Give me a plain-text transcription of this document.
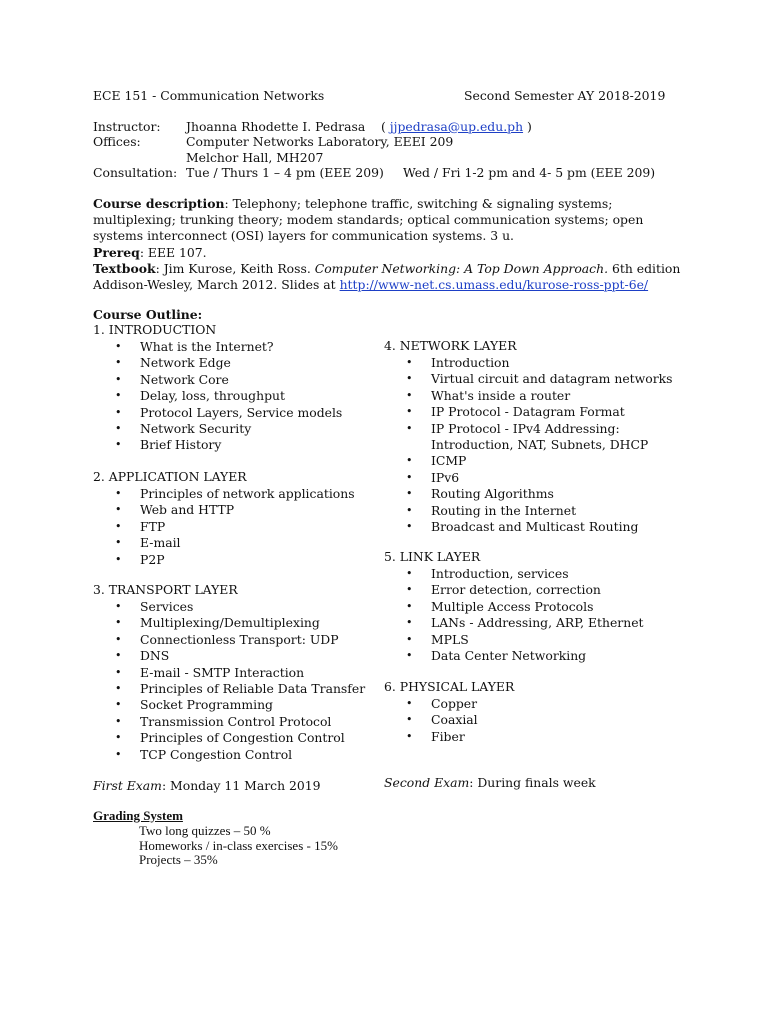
ECE 151 - Communication Networks	Second Semester AY 2018-2019
Instructor: Jhoanna Rhodette I. Pedrasa ( jjpedrasa@up.edu.ph )
Offices:	Computer Networks Laboratory, EEEI 209
Melchor Hall, MH207
Consultation: Tue / Thurs 1 – 4 pm (EEE 209) Wed / Fri 1-2 pm and 4- 5 pm (EEE 209)
Course description: Telephony; telephone traffic, switching & signaling systems; multiplexing; trunking theory; modem standards; optical communication systems; open systems interconnect (OSI) layers for communication systems. 3 u.
Prereq: EEE 107.
Textbook: Jim Kurose, Keith Ross. Computer Networking: A Top Down Approach. 6th edition
Addison-Wesley, March 2012. Slides at http://www-net.cs.umass.edu/kurose-ross-ppt-6e/
Course Outline:
1. INTRODUCTION
• What is the Internet?
• Network Edge
• Network Core
• Delay, loss, throughput
• Protocol Layers, Service models
• Network Security
• Brief History
2. APPLICATION LAYER
• Principles of network applications
• Web and HTTP
• FTP
• E-mail
• P2P
3. TRANSPORT LAYER
• Services
• Multiplexing/Demultiplexing
• Connectionless Transport: UDP
• DNS
• E-mail - SMTP Interaction
• Principles of Reliable Data Transfer
• Socket Programming
• Transmission Control Protocol
• Principles of Congestion Control
• TCP Congestion Control
4. NETWORK LAYER
• Introduction
• Virtual circuit and datagram networks
• What's inside a router
• IP Protocol - Datagram Format
• IP Protocol - IPv4 Addressing:
Introduction, NAT, Subnets, DHCP
• ICMP
• IPv6
• Routing Algorithms
• Routing in the Internet
• Broadcast and Multicast Routing
5. LINK LAYER
• Introduction, services
• Error detection, correction
• Multiple Access Protocols
• LANs - Addressing, ARP, Ethernet
• MPLS
• Data Center Networking
6. PHYSICAL LAYER
• Copper
• Coaxial
• Fiber
First Exam: Monday 11 March 2019	Second Exam: During finals week
Grading System
Two long quizzes – 50 %
Homeworks / in-class exercises - 15%
Projects – 35%
